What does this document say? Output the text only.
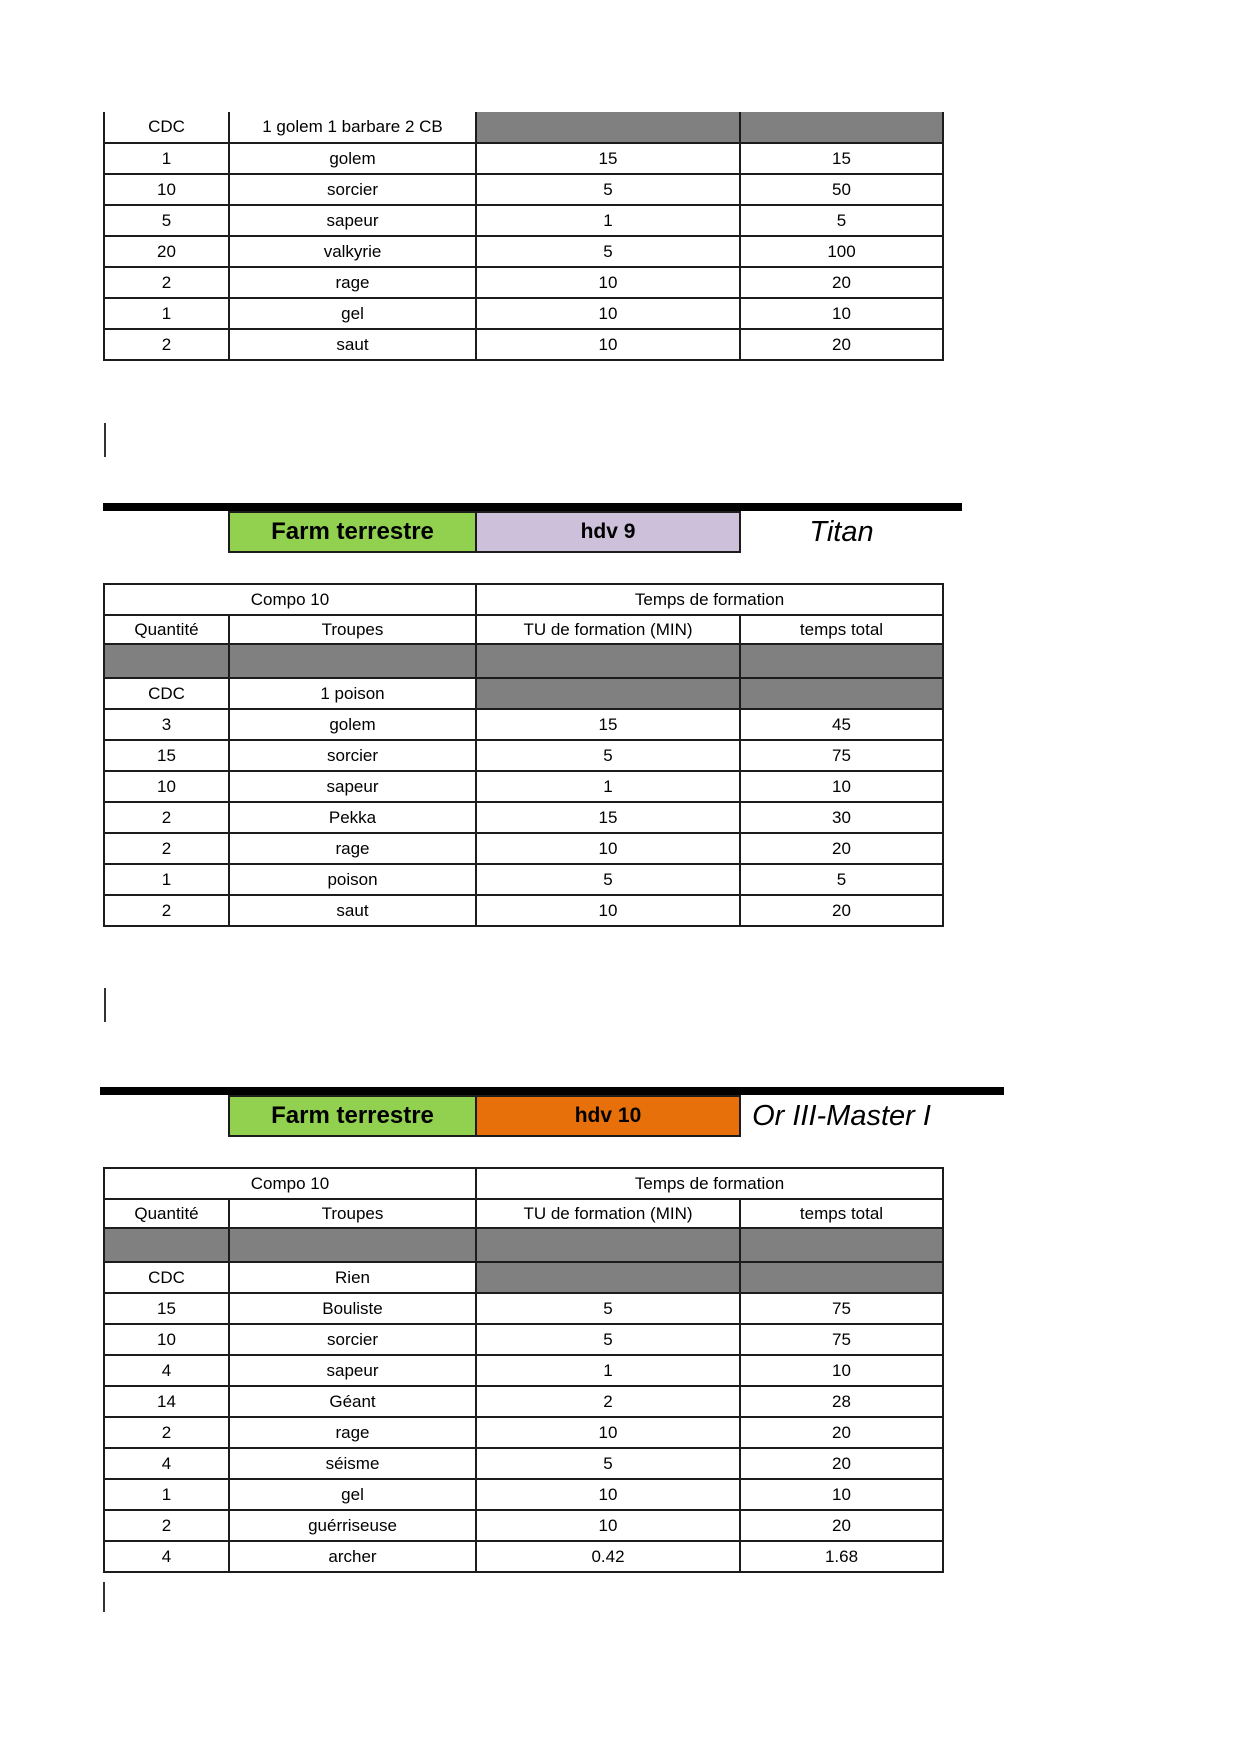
CDC	1 golem 1 barbare 2 CB		
1	golem	15	15
10	sorcier	5	50
5	sapeur	1	5
20	valkyrie	5	100
2	rage	10	20
1	gel	10	10
2	saut	10	20
Farm terrestre	hdv 9	Titan
Compo 10		Temps de formation	
Quantité	Troupes	TU de formation (MIN)	temps total

CDC	1 poison		
3	golem	15	45
15	sorcier	5	75
10	sapeur	1	10
2	Pekka	15	30
2	rage	10	20
1	poison	5	5
2	saut	10	20
Farm terrestre	hdv 10	Or III-Master I
Compo 10		Temps de formation	
Quantité	Troupes	TU de formation (MIN)	temps total

CDC	Rien		
15	Bouliste	5	75
10	sorcier	5	75
4	sapeur	1	10
14	Géant	2	28
2	rage	10	20
4	séisme	5	20
1	gel	10	10
2	guérriseuse	10	20
4	archer	0.42	1.68
